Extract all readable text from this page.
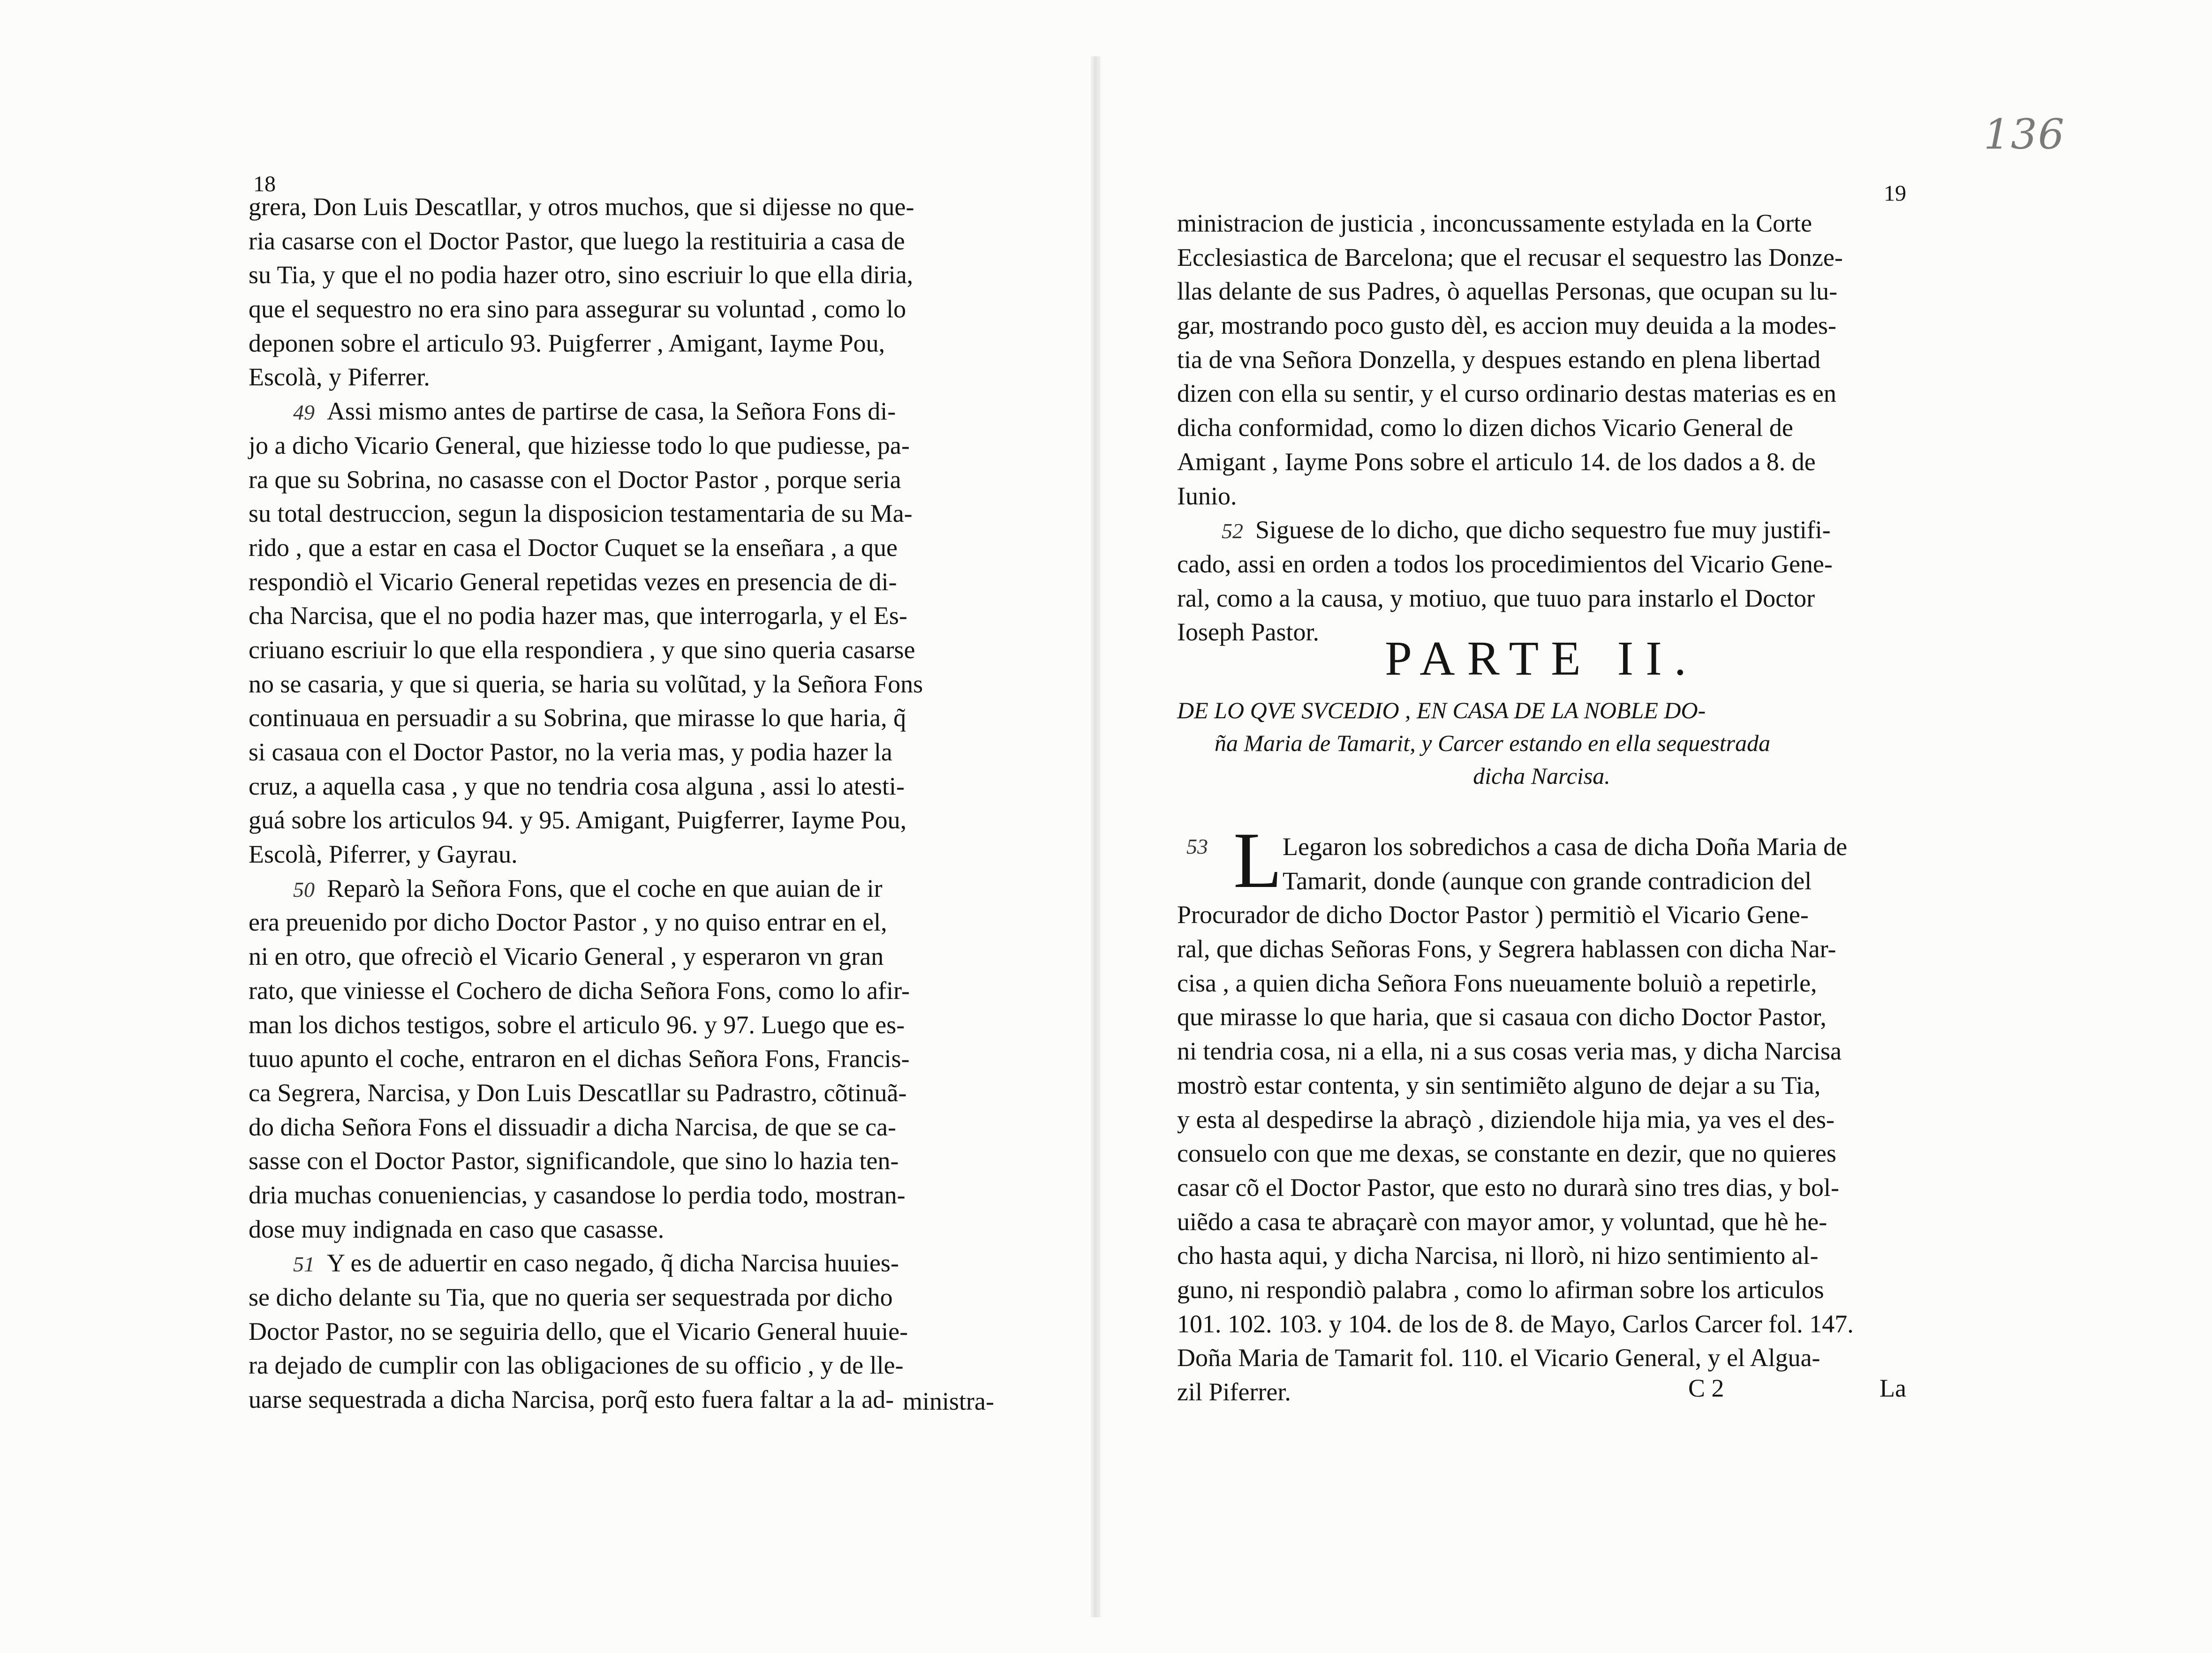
18
grera, Don Luis Descatllar, y otros muchos, que si dijesse no que-
ria casarse con el Doctor Pastor, que luego la restituiria a casa de
su Tia, y que el no podia hazer otro, sino escriuir lo que ella diria,
que el sequestro no era sino para assegurar su voluntad , como lo
deponen sobre el articulo 93. Puigferrer , Amigant, Iayme Pou,
Escolà, y Piferrer.
49 Assi mismo antes de partirse de casa, la Señora Fons di-
jo a dicho Vicario General, que hiziesse todo lo que pudiesse, pa-
ra que su Sobrina, no casasse con el Doctor Pastor , porque seria
su total destruccion, segun la disposicion testamentaria de su Ma-
rido , que a estar en casa el Doctor Cuquet se la enseñara , a que
respondiò el Vicario General repetidas vezes en presencia de di-
cha Narcisa, que el no podia hazer mas, que interrogarla, y el Es-
criuano escriuir lo que ella respondiera , y que sino queria casarse
no se casaria, y que si queria, se haria su volũtad, y la Señora Fons
continuaua en persuadir a su Sobrina, que mirasse lo que haria, q̃
si casaua con el Doctor Pastor, no la veria mas, y podia hazer la
cruz, a aquella casa , y que no tendria cosa alguna , assi lo atesti-
guá sobre los articulos 94. y 95. Amigant, Puigferrer, Iayme Pou,
Escolà, Piferrer, y Gayrau.
50 Reparò la Señora Fons, que el coche en que auian de ir
era preuenido por dicho Doctor Pastor , y no quiso entrar en el,
ni en otro, que ofreciò el Vicario General , y esperaron vn gran
rato, que viniesse el Cochero de dicha Señora Fons, como lo afir-
man los dichos testigos, sobre el articulo 96. y 97. Luego que es-
tuuo apunto el coche, entraron en el dichas Señora Fons, Francis-
ca Segrera, Narcisa, y Don Luis Descatllar su Padrastro, cõtinuã-
do dicha Señora Fons el dissuadir a dicha Narcisa, de que se ca-
sasse con el Doctor Pastor, significandole, que sino lo hazia ten-
dria muchas conueniencias, y casandose lo perdia todo, mostran-
dose muy indignada en caso que casasse.
51 Y es de aduertir en caso negado, q̃ dicha Narcisa huuies-
se dicho delante su Tia, que no queria ser sequestrada por dicho
Doctor Pastor, no se seguiria dello, que el Vicario General huuie-
ra dejado de cumplir con las obligaciones de su officio , y de lle-
uarse sequestrada a dicha Narcisa, porq̃ esto fuera faltar a la ad- ministra-
136
19
ministracion de justicia , inconcussamente estylada en la Corte
Ecclesiastica de Barcelona; que el recusar el sequestro las Donze-
llas delante de sus Padres, ò aquellas Personas, que ocupan su lu-
gar, mostrando poco gusto dèl, es accion muy deuida a la modes-
tia de vna Señora Donzella, y despues estando en plena libertad
dizen con ella su sentir, y el curso ordinario destas materias es en
dicha conformidad, como lo dizen dichos Vicario General de
Amigant , Iayme Pons sobre el articulo 14. de los dados a 8. de
Iunio.
52 Siguese de lo dicho, que dicho sequestro fue muy justifi-
cado, assi en orden a todos los procedimientos del Vicario Gene-
ral, como a la causa, y motiuo, que tuuo para instarlo el Doctor
Ioseph Pastor.	PARTE II.
DE LO QVE SVCEDIO , EN CASA DE LA NOBLE DO-
ña Maria de Tamarit, y Carcer estando en ella sequestrada
dicha Narcisa.
53	Legaron los sobredichos a casa de dicha Doña Maria de
Tamarit, donde (aunque con grande contradicion del
Procurador de dicho Doctor Pastor ) permitiò el Vicario Gene-
ral, que dichas Señoras Fons, y Segrera hablassen con dicha Nar-
cisa , a quien dicha Señora Fons nueuamente boluiò a repetirle,
que mirasse lo que haria, que si casaua con dicho Doctor Pastor,
ni tendria cosa, ni a ella, ni a sus cosas veria mas, y dicha Narcisa
mostrò estar contenta, y sin sentimiẽto alguno de dejar a su Tia,
y esta al despedirse la abraçò , diziendole hija mia, ya ves el des-
consuelo con que me dexas, se constante en dezir, que no quieres
casar cõ el Doctor Pastor, que esto no durarà sino tres dias, y bol-
uiẽdo a casa te abraçarè con mayor amor, y voluntad, que hè he-
cho hasta aqui, y dicha Narcisa, ni llorò, ni hizo sentimiento al-
guno, ni respondiò palabra , como lo afirman sobre los articulos
101. 102. 103. y 104. de los de 8. de Mayo, Carlos Carcer fol. 147.
Doña Maria de Tamarit fol. 110. el Vicario General, y el Algua-
zil Piferrer.
L
C 2	La
